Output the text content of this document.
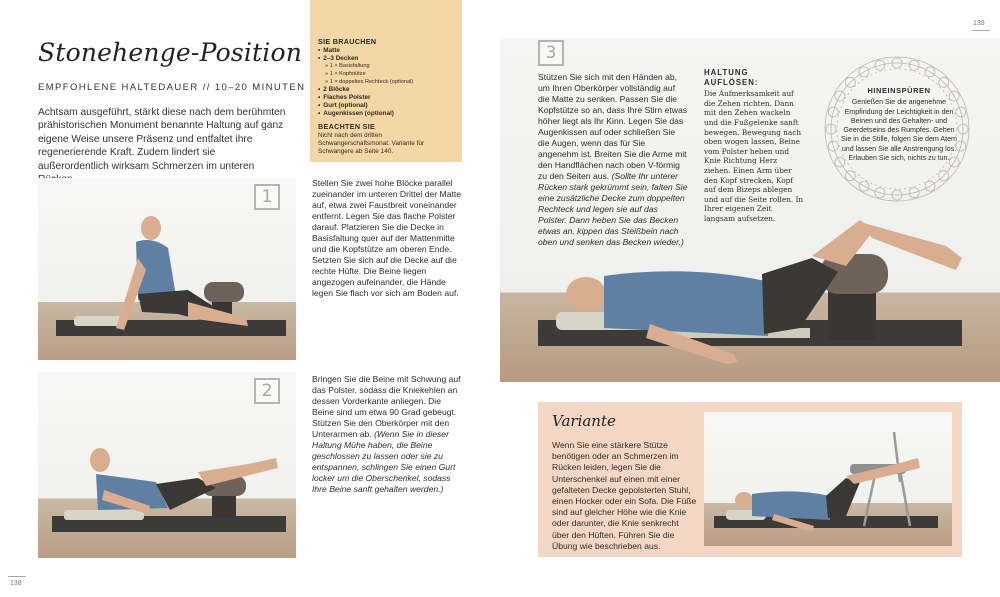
139
138
Stonehenge-Position
EMPFOHLENE HALTEDAUER // 10–20 MINUTEN
Achtsam ausgeführt, stärkt diese nach dem berühmten prähistorischen Monument benannte Haltung auf ganz eigene Weise unsere Präsenz und entfaltet ihre regenerierende Kraft. Zudem lindert sie außerordentlich wirksam Schmerzen im unteren
SIE BRAUCHEN
• Matte
• 2–3 Decken
» 1 × Basisfaltung
» 1 × Kopfstütze
» 1 × doppeltes Rechteck (optional)
• 2 Blöcke
• Flaches Polster
• Gurt (optional)
• Augenkissen (optional)
BEACHTEN SIE
Nicht nach dem dritten Schwangerschaftsmonat. Variante für Schwangere ab Seite 140.
1
Stellen Sie zwei hohe Blöcke parallel zueinander im unteren Drittel der Matte auf, etwa zwei Faustbreit voneinander entfernt. Legen Sie das flache Polster darauf. Platzieren Sie die Decke in Basisfaltung quer auf der Mattenmitte und die Kopfstütze am oberen Ende. Setzten Sie sich auf die Decke auf die rechte Hüfte. Die Beine liegen angezogen aufeinander, die Hände legen Sie flach vor sich am Boden auf.
2
Bringen Sie die Beine mit Schwung auf das Polster, sodass die Kniekehlen an dessen Vorderkante anliegen. Die Beine sind um etwa 90 Grad gebeugt. Stützen Sie den Oberkörper mit den Unterarmen ab. (Wenn Sie in dieser Haltung Mühe haben, die Beine geschlossen zu lassen oder sie zu entspannen, schlingen Sie einen Gurt locker um die Oberschenkel, sodass Ihre Beine sanft gehalten werden.)
3
Stützen Sie sich mit den Händen ab, um Ihren Oberkörper vollständig auf die Matte zu senken. Passen Sie die Kopfstütze so an, dass Ihre Stirn etwas höher liegt als Ihr Kinn. Legen Sie das Augenkissen auf oder schließen Sie die Augen, wenn das für Sie angenehm ist. Breiten Sie die Arme mit den Handflächen nach oben V-förmig zu den Seiten aus. (Sollte Ihr unterer Rücken stark gekrümmt sein, falten Sie eine zusätzliche Decke zum doppelten Rechteck und legen sie auf das Polster. Dann heben Sie das Becken etwas an, kippen das Steißbein nach oben und senken das Becken wieder.)
HALTUNG AUFLÖSEN:
Die Aufmerksamkeit auf die Zehen richten. Dann mit den Zehen wackeln und die Fußgelenke sanft bewegen. Bewegung nach oben wogen lassen, Beine vom Polster heben und Knie Richtung Herz ziehen. Einen Arm über den Kopf strecken, Kopf auf dem Bizeps ablegen und auf die Seite rollen. In Ihrer eigenen Zeit langsam aufsetzen.
HINEINSPÜREN
Genießen Sie die angenehme Empfindung der Leichtigkeit in den Beinen und des Gehalten- und Geerdetseins des Rumpfes. Gehen Sie in die Stille, folgen Sie dem Atem und lassen Sie alle Anstrengung los. Erlauben Sie sich, nichts zu tun.
Variante
Wenn Sie eine stärkere Stütze benötigen oder an Schmerzen im Rücken leiden, legen Sie die Unterschenkel auf einen mit einer gefalteten Decke gepolsterten Stuhl, einen Hocker oder ein Sofa. Die Füße sind auf gleicher Höhe wie die Knie oder darunter, die Knie senkrecht über den Hüften. Führen Sie die Übung wie beschrieben aus.
